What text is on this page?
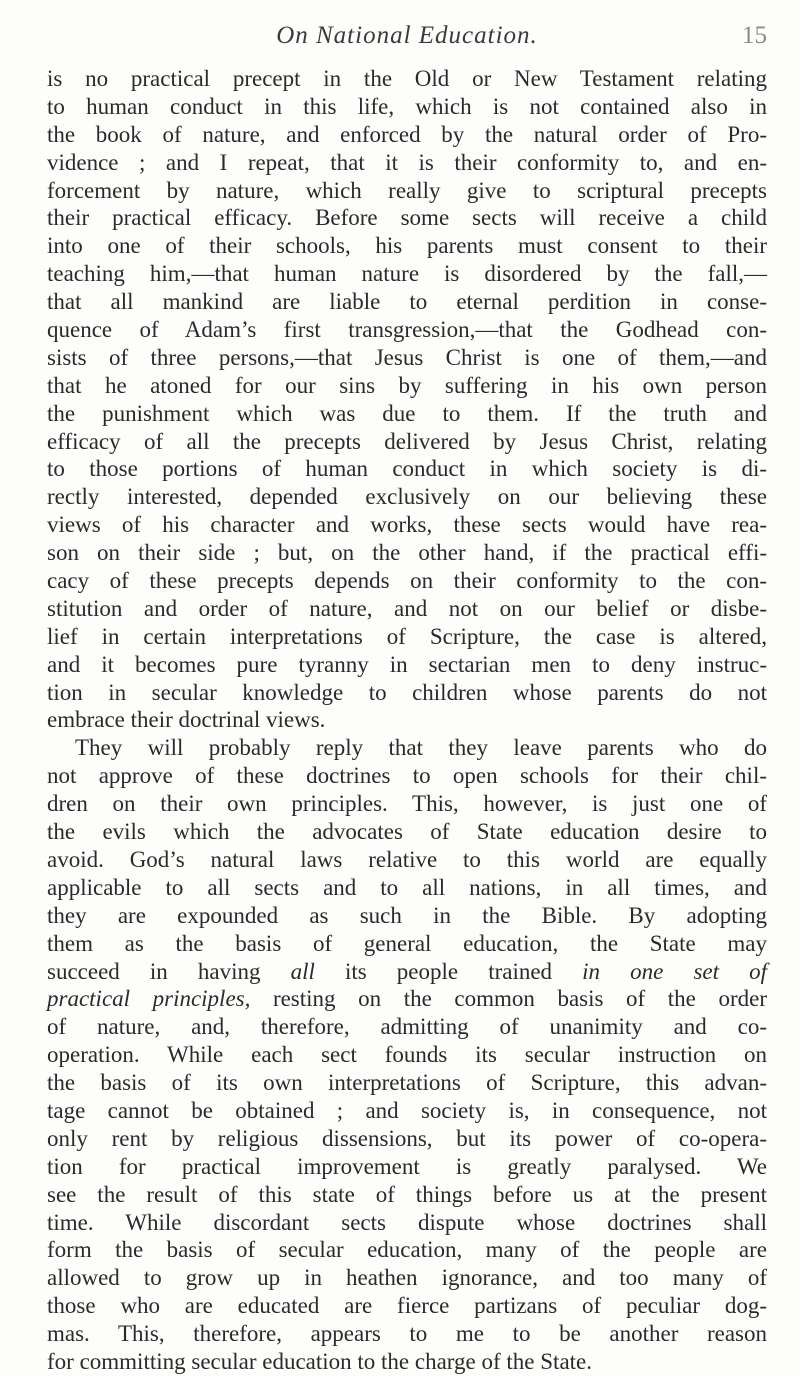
On National Education.	15
is no practical precept in the Old or New Testament relating
to human conduct in this life, which is not contained also in
the book of nature, and enforced by the natural order of Pro-
vidence ; and I repeat, that it is their conformity to, and en-
forcement by nature, which really give to scriptural precepts
their practical efficacy. Before some sects will receive a child
into one of their schools, his parents must consent to their
teaching him,—that human nature is disordered by the fall,—
that all mankind are liable to eternal perdition in conse-
quence of Adam’s first transgression,—that the Godhead con-
sists of three persons,—that Jesus Christ is one of them,—and
that he atoned for our sins by suffering in his own person
the punishment which was due to them. If the truth and
efficacy of all the precepts delivered by Jesus Christ, relating
to those portions of human conduct in which society is di-
rectly interested, depended exclusively on our believing these
views of his character and works, these sects would have rea-
son on their side ; but, on the other hand, if the practical effi-
cacy of these precepts depends on their conformity to the con-
stitution and order of nature, and not on our belief or disbe-
lief in certain interpretations of Scripture, the case is altered,
and it becomes pure tyranny in sectarian men to deny instruc-
tion in secular knowledge to children whose parents do not
embrace their doctrinal views.
They will probably reply that they leave parents who do
not approve of these doctrines to open schools for their chil-
dren on their own principles. This, however, is just one of
the evils which the advocates of State education desire to
avoid. God’s natural laws relative to this world are equally
applicable to all sects and to all nations, in all times, and
they are expounded as such in the Bible. By adopting
them as the basis of general education, the State may
succeed in having all its people trained in one set of
practical principles, resting on the common basis of the order
of nature, and, therefore, admitting of unanimity and co-
operation. While each sect founds its secular instruction on
the basis of its own interpretations of Scripture, this advan-
tage cannot be obtained ; and society is, in consequence, not
only rent by religious dissensions, but its power of co-opera-
tion for practical improvement is greatly paralysed. We
see the result of this state of things before us at the present
time. While discordant sects dispute whose doctrines shall
form the basis of secular education, many of the people are
allowed to grow up in heathen ignorance, and too many of
those who are educated are fierce partizans of peculiar dog-
mas. This, therefore, appears to me to be another reason
for committing secular education to the charge of the State.
